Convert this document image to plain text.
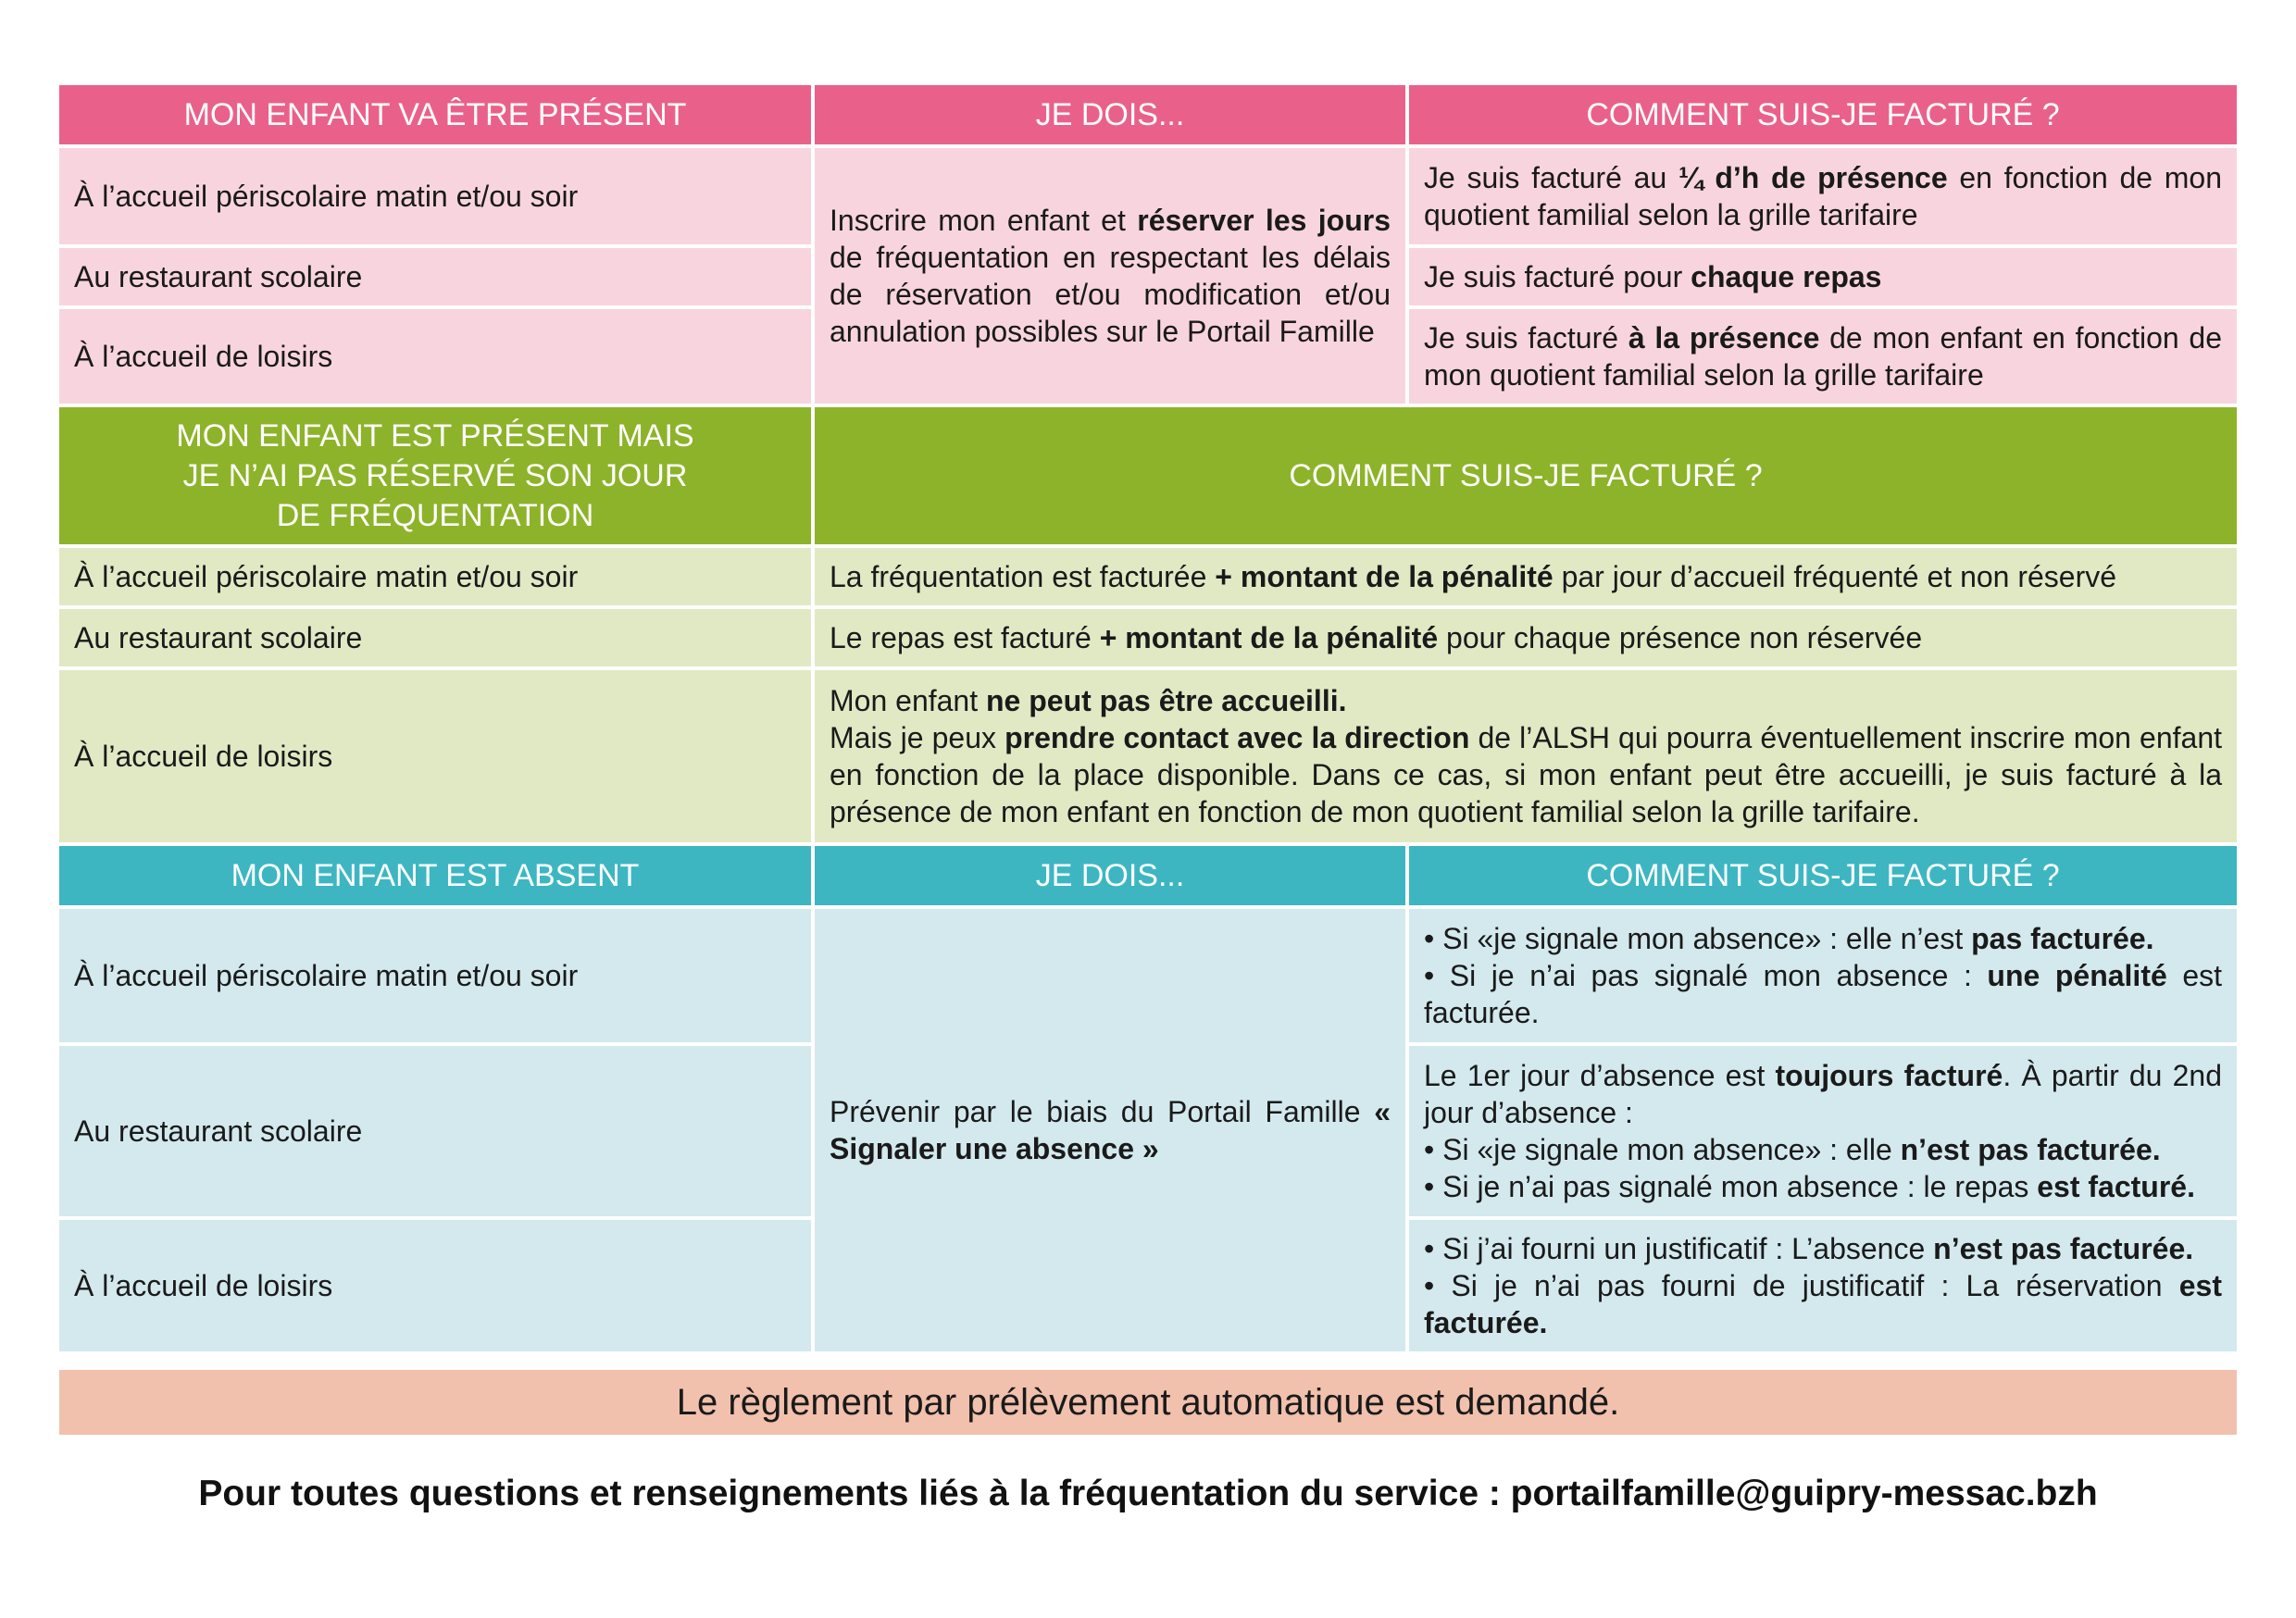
MON ENFANT VA ÊTRE PRÉSENT	JE DOIS...	COMMENT SUIS-JE FACTURÉ ?
À l’accueil périscolaire matin et/ou soir	Inscrire mon enfant et réserver les jours de fréquentation en respectant les délais de réservation et/ou modification et/ou annulation possibles sur le Portail Famille	Je suis facturé au ¼ d’h de présence en fonction de mon quotient familial selon la grille tarifaire
Au restaurant scolaire		Je suis facturé pour chaque repas
À l’accueil de loisirs		Je suis facturé à la présence de mon enfant en fonction de mon quotient familial selon la grille tarifaire

MON ENFANT EST PRÉSENT MAIS
JE N’AI PAS RÉSERVÉ SON JOUR
DE FRÉQUENTATION	COMMENT SUIS-JE FACTURÉ ?	
À l’accueil périscolaire matin et/ou soir	La fréquentation est facturée + montant de la pénalité par jour d’accueil fréquenté et non réservé	
Au restaurant scolaire	Le repas est facturé + montant de la pénalité pour chaque présence non réservée	
À l’accueil de loisirs	Mon enfant ne peut pas être accueilli.
Mais je peux prendre contact avec la direction de l’ALSH qui pourra éventuellement inscrire mon enfant en fonction de la place disponible. Dans ce cas, si mon enfant peut être accueilli, je suis facturé à la présence de mon enfant en fonction de mon quotient familial selon la grille tarifaire.	
MON ENFANT EST ABSENT	JE DOIS...	COMMENT SUIS-JE FACTURÉ ?
À l’accueil périscolaire matin et/ou soir	Prévenir par le biais du Portail Famille « Signaler une absence »	• Si «je signale mon absence» : elle n’est pas facturée.
• Si je n’ai pas signalé mon absence : une pénalité est facturée.

Au restaurant scolaire		Le 1er jour d’absence est toujours facturé. À partir du 2nd jour d’absence :
• Si «je signale mon absence» : elle n’est pas facturée.
• Si je n’ai pas signalé mon absence : le repas est facturé.

À l’accueil de loisirs		• Si j’ai fourni un justificatif : L’absence n’est pas facturée.
• Si je n’ai pas fourni de justificatif : La réservation est facturée.
Le règlement par prélèvement automatique est demandé.
Pour toutes questions et renseignements liés à la fréquentation du service : portailfamille@guipry-messac.bzh
